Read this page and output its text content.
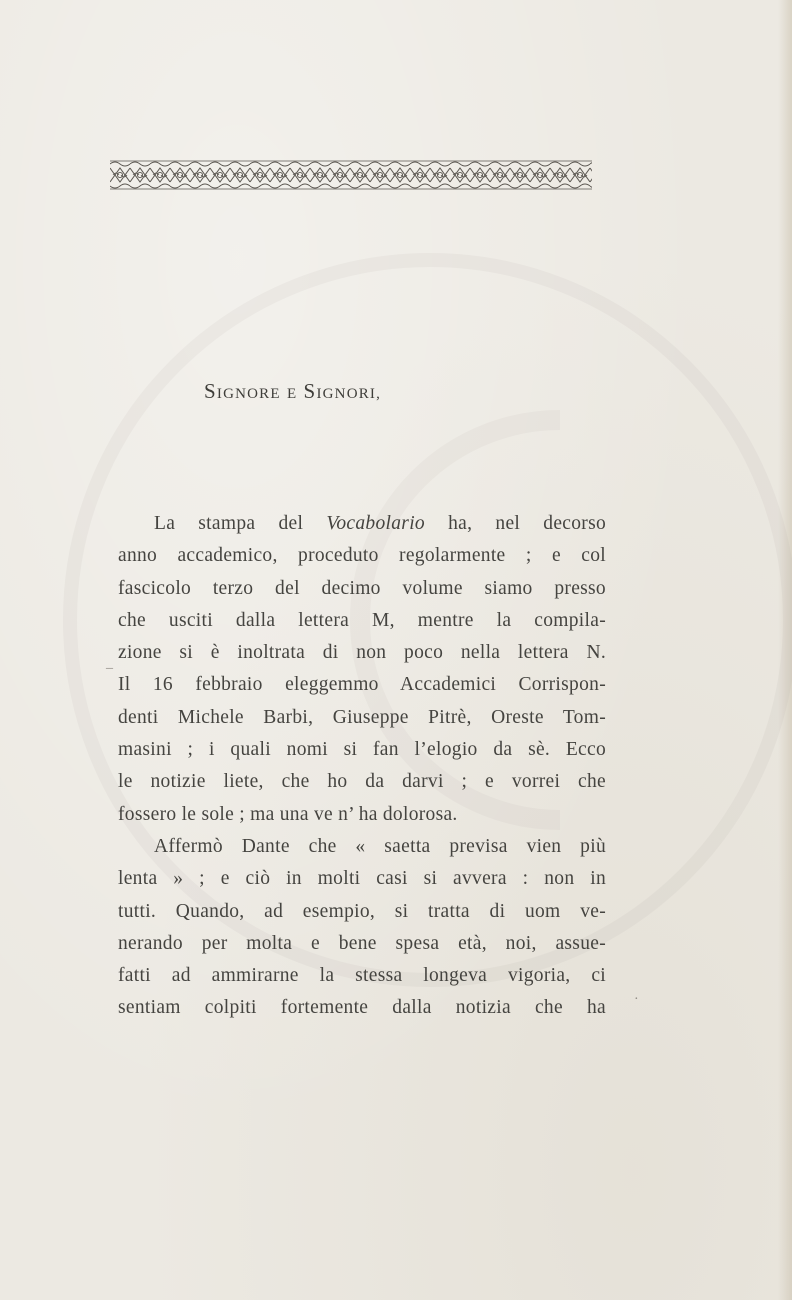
SIGNORE E SIGNORI,
La stampa del Vocabolario ha, nel decorso
anno accademico, proceduto regolarmente ; e col
fascicolo terzo del decimo volume siamo presso
che usciti dalla lettera M, mentre la compila-
zione si è inoltrata di non poco nella lettera N.
Il 16 febbraio eleggemmo Accademici Corrispon-
denti Michele Barbi, Giuseppe Pitrè, Oreste Tom-
masini ; i quali nomi si fan l’elogio da sè. Ecco
le notizie liete, che ho da darvi ; e vorrei che
fossero le sole ; ma una ve n’ ha dolorosa.
Affermò Dante che « saetta previsa vien più
lenta » ; e ciò in molti casi si avvera : non in
tutti. Quando, ad esempio, si tratta di uom ve-
nerando per molta e bene spesa età, noi, assue-
fatti ad ammirarne la stessa longeva vigoria, ci
sentiam colpiti fortemente dalla notizia che ha ·
_
